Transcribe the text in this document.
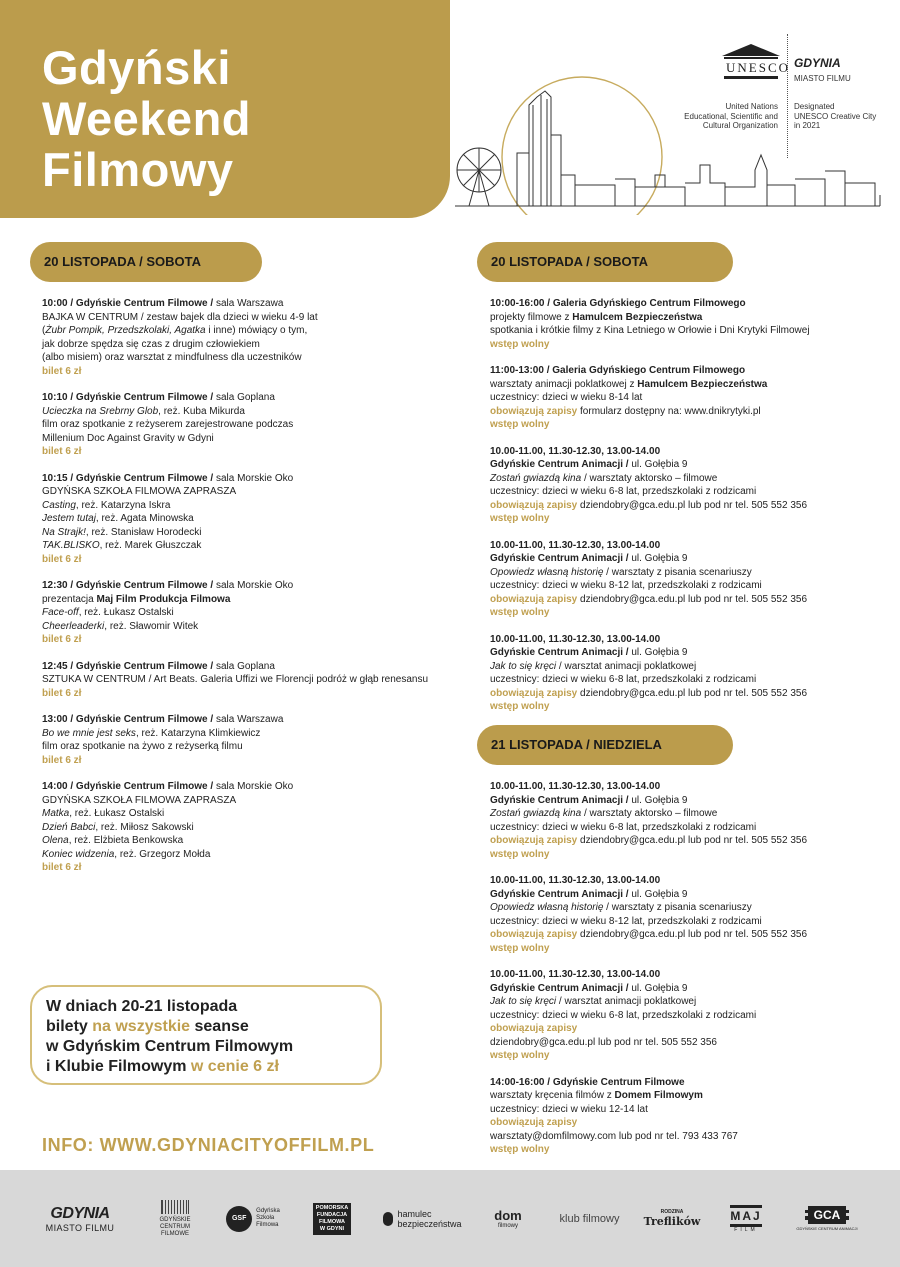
Gdyński
Weekend
Filmowy
UNESCO
United Nations
Educational, Scientific and
Cultural Organization
GDYNIA
MIASTO FILMU
Designated
UNESCO Creative City
in 2021
20 LISTOPADA / SOBOTA
10:00 / Gdyńskie Centrum Filmowe / sala Warszawa
BAJKA W CENTRUM / zestaw bajek dla dzieci w wieku 4-9 lat
(Żubr Pompik, Przedszkolaki, Agatka i inne) mówiący o tym,
jak dobrze spędza się czas z drugim człowiekiem
(albo misiem) oraz warsztat z mindfulness dla uczestników
bilet 6 zł
10:10 / Gdyńskie Centrum Filmowe / sala Goplana
Ucieczka na Srebrny Glob, reż. Kuba Mikurda
film oraz spotkanie z reżyserem zarejestrowane podczas
Millenium Doc Against Gravity w Gdyni
bilet 6 zł
10:15 / Gdyńskie Centrum Filmowe / sala Morskie Oko
GDYŃSKA SZKOŁA FILMOWA ZAPRASZA
Casting, reż. Katarzyna Iskra
Jestem tutaj, reż. Agata Minowska
Na Strajk!, reż. Stanisław Horodecki
TAK.BLISKO, reż. Marek Głuszczak
bilet 6 zł
12:30 / Gdyńskie Centrum Filmowe / sala Morskie Oko
prezentacja Maj Film Produkcja Filmowa
Face-off, reż. Łukasz Ostalski
Cheerleaderki, reż. Sławomir Witek
bilet 6 zł
12:45 / Gdyńskie Centrum Filmowe / sala Goplana
SZTUKA W CENTRUM / Art Beats. Galeria Uffizi we Florencji podróż w głąb renesansu
bilet 6 zł
13:00 / Gdyńskie Centrum Filmowe / sala Warszawa
Bo we mnie jest seks, reż. Katarzyna Klimkiewicz
film oraz spotkanie na żywo z reżyserką filmu
bilet 6 zł
14:00 / Gdyńskie Centrum Filmowe / sala Morskie Oko
GDYŃSKA SZKOŁA FILMOWA ZAPRASZA
Matka, reż. Łukasz Ostalski
Dzień Babci, reż. Miłosz Sakowski
Olena, reż. Elżbieta Benkowska
Koniec widzenia, reż. Grzegorz Mołda
bilet 6 zł
20 LISTOPADA / SOBOTA
10:00-16:00 / Galeria Gdyńskiego Centrum Filmowego
projekty filmowe z Hamulcem Bezpieczeństwa
spotkania i krótkie filmy z Kina Letniego w Orłowie i Dni Krytyki Filmowej
wstęp wolny
11:00-13:00 / Galeria Gdyńskiego Centrum Filmowego
warsztaty animacji poklatkowej z Hamulcem Bezpieczeństwa
uczestnicy: dzieci w wieku 8-14 lat
obowiązują zapisy formularz dostępny na: www.dnikrytyki.pl
wstęp wolny
10.00-11.00, 11.30-12.30, 13.00-14.00
Gdyńskie Centrum Animacji / ul. Gołębia 9
Zostań gwiazdą kina / warsztaty aktorsko – filmowe
uczestnicy: dzieci w wieku 6-8 lat, przedszkolaki z rodzicami
obowiązują zapisy dziendobry@gca.edu.pl lub pod nr tel. 505 552 356
wstęp wolny
10.00-11.00, 11.30-12.30, 13.00-14.00
Gdyńskie Centrum Animacji / ul. Gołębia 9
Opowiedz własną historię / warsztaty z pisania scenariuszy
uczestnicy: dzieci w wieku 8-12 lat, przedszkolaki z rodzicami
obowiązują zapisy dziendobry@gca.edu.pl lub pod nr tel. 505 552 356
wstęp wolny
10.00-11.00, 11.30-12.30, 13.00-14.00
Gdyńskie Centrum Animacji / ul. Gołębia 9
Jak to się kręci / warsztat animacji poklatkowej
uczestnicy: dzieci w wieku 6-8 lat, przedszkolaki z rodzicami
obowiązują zapisy dziendobry@gca.edu.pl lub pod nr tel. 505 552 356
wstęp wolny
21 LISTOPADA / NIEDZIELA
10.00-11.00, 11.30-12.30, 13.00-14.00
Gdyńskie Centrum Animacji / ul. Gołębia 9
Zostań gwiazdą kina / warsztaty aktorsko – filmowe
uczestnicy: dzieci w wieku 6-8 lat, przedszkolaki z rodzicami
obowiązują zapisy dziendobry@gca.edu.pl lub pod nr tel. 505 552 356
wstęp wolny
10.00-11.00, 11.30-12.30, 13.00-14.00
Gdyńskie Centrum Animacji / ul. Gołębia 9
Opowiedz własną historię / warsztaty z pisania scenariuszy
uczestnicy: dzieci w wieku 8-12 lat, przedszkolaki z rodzicami
obowiązują zapisy dziendobry@gca.edu.pl lub pod nr tel. 505 552 356
wstęp wolny
10.00-11.00, 11.30-12.30, 13.00-14.00
Gdyńskie Centrum Animacji / ul. Gołębia 9
Jak to się kręci / warsztat animacji poklatkowej
uczestnicy: dzieci w wieku 6-8 lat, przedszkolaki z rodzicami
obowiązują zapisy
dziendobry@gca.edu.pl lub pod nr tel. 505 552 356
wstęp wolny
14:00-16:00 / Gdyńskie Centrum Filmowe
warsztaty kręcenia filmów z Domem Filmowym
uczestnicy: dzieci w wieku 12-14 lat
obowiązują zapisy
warsztaty@domfilmowy.com lub pod nr tel. 793 433 767
wstęp wolny
W dniach 20-21 listopada
bilety na wszystkie seanse
w Gdyńskim Centrum Filmowym
i Klubie Filmowym w cenie 6 zł
INFO: WWW.GDYNIACITYOFFILM.PL
GDYNIA
MIASTO FILMU
GDYŃSKIE
CENTRUM
FILMOWE
GSF
Gdyńska
Szkoła
Filmowa
POMORSKA
FUNDACJA
FILMOWA
W GDYNI
hamulec
bezpieczeństwa
dom
filmowy
klub filmowy
RODZINA
Treflików MAJ
FILM
GCA
GDYŃSKIE CENTRUM ANIMACJI
